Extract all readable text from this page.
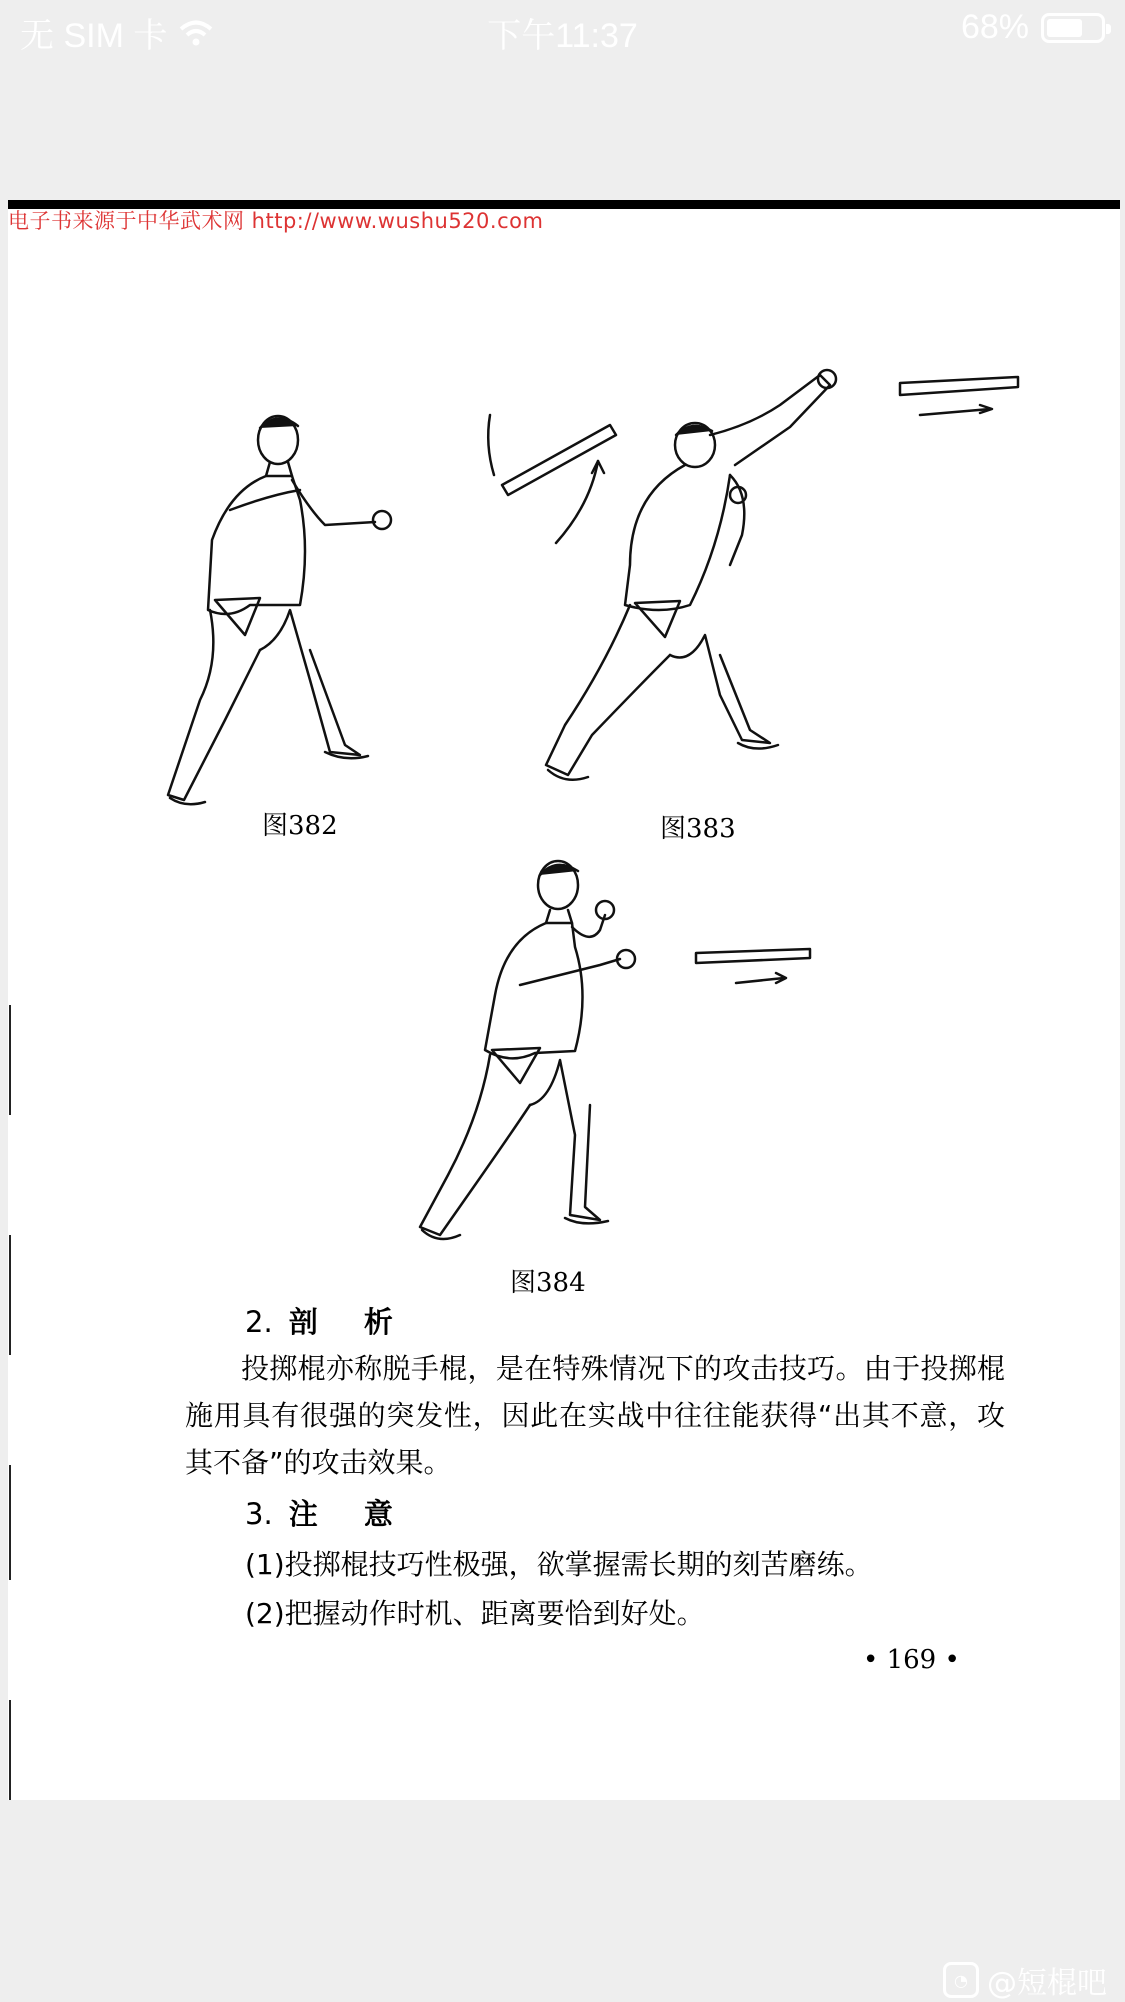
无 SIM 卡	下午11:37	68%
电子书来源于中华武术网 http://www.wushu520.com
图382	图383
图384
2. 剖 析
投掷棍亦称脱手棍，是在特殊情况下的攻击技巧。由于投掷棍施用具有很强的突发性，因此在实战中往往能获得“出其不意，攻其不备”的攻击效果。
3. 注 意
(1)投掷棍技巧性极强，欲掌握需长期的刻苦磨练。
(2)把握动作时机、距离要恰到好处。
• 169 •
◔ @短棍吧
